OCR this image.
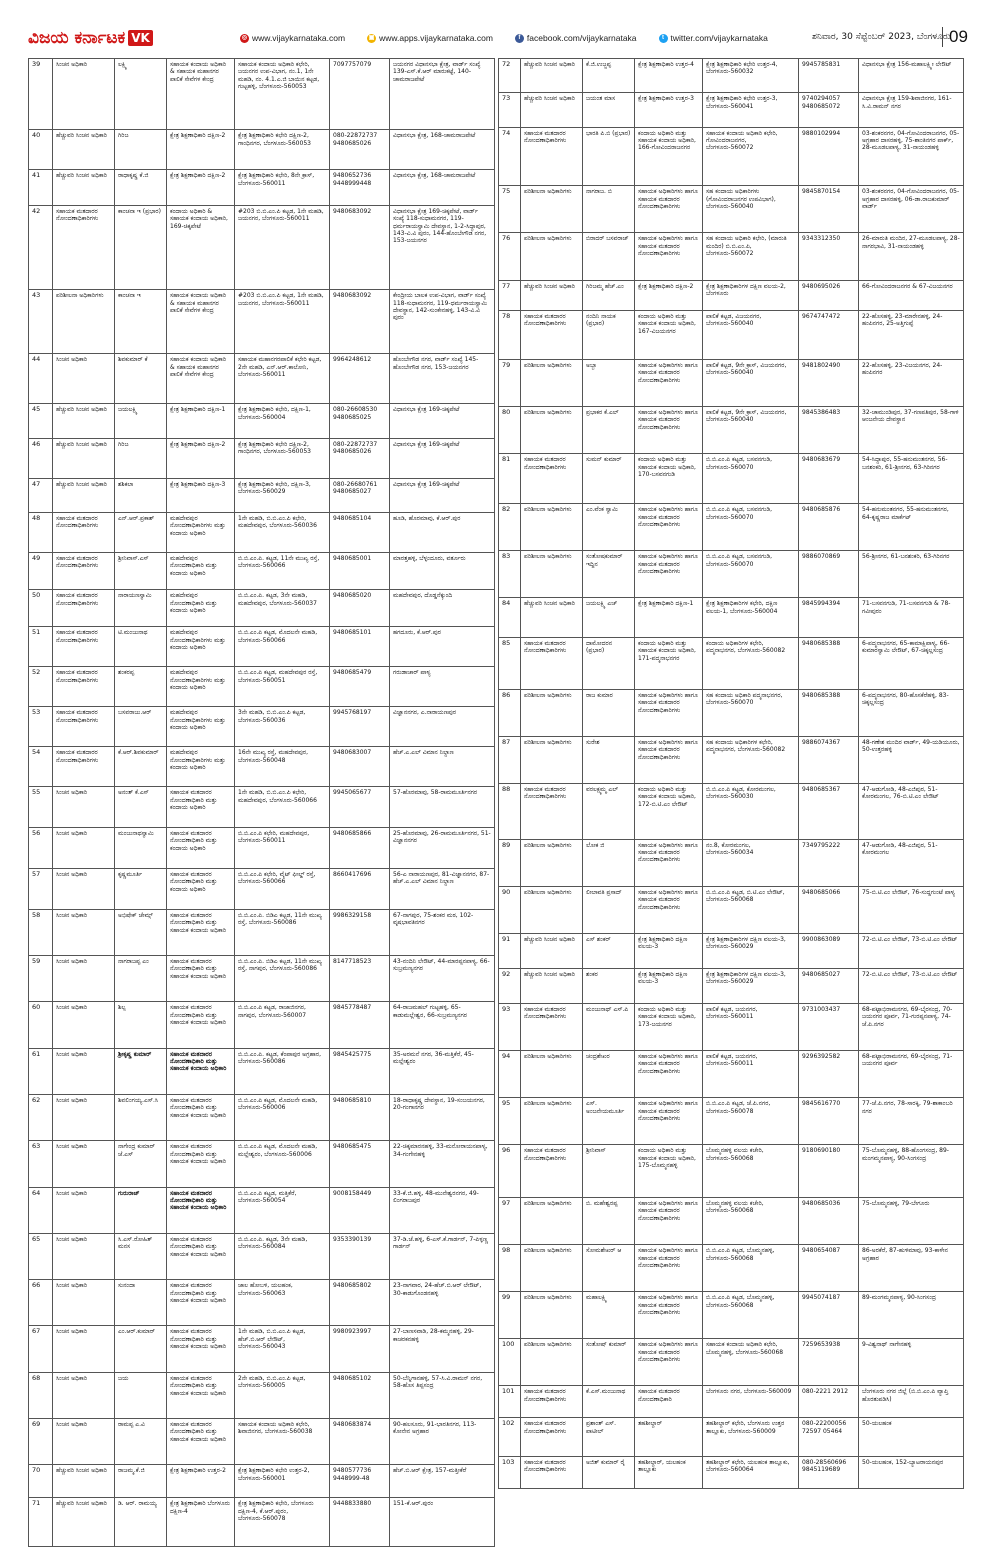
ವಿಜಯ ಕರ್ನಾಟಕ VK	◎ www.vijaykarnataka.com	▣ www.apps.vijaykarnataka.com	f facebook.com/vijaykarnataka	t twitter.com/vijaykarnataka	ಶನಿವಾರ, 30 ಸೆಪ್ಟೆಂಬರ್ 2023, ಬೆಂಗಳೂರು
09
39	ಸಿಂಚನ ಅಧಿಕಾರಿ	ಲಕ್ಷ್ಮಿ	ಸಹಾಯಕ ಕಂದಾಯ ಅಧಿಕಾರಿ & ಸಹಾಯಕ ಮಹಾನಗರ ಪಾಲಿಕೆ ಸೇವೆಗಳ ಕೇಂದ್ರ	ಸಹಾಯಕ ಕಂದಾಯ ಅಧಿಕಾರಿ ಕಛೇರಿ, ಜಯನಗರ ಉಪ-ವಿಭಾಗ, ನಂ.1, 1ನೇ ಮಹಡಿ, ನಂ. 4.1.ಎ.ಜಿ ಬಾಯಿನ ಕಟ್ಟಡ, ಗುಟ್ಟಹಳ್ಳಿ, ಬೆಂಗಳೂರು-560053	7097757079	ಜಯನಗರ ವಿಧಾನಸಭಾ ಕ್ಷೇತ್ರ, ವಾರ್ಡ್ ಸಂಖ್ಯೆ 139-ಎಸ್.ಕೆ.ಆರ್ ಮಾರುಕಟ್ಟೆ, 140-ಚಾಮರಾಜಪೇಟೆ
40	ಹೆಚ್ಚುವರಿ ಸಿಂಚನ ಅಧಿಕಾರಿ	ಗಿರಿಜ	ಕ್ಷೇತ್ರ ಶಿಕ್ಷಣಾಧಿಕಾರಿ ದಕ್ಷಿಣ-2	ಕ್ಷೇತ್ರ ಶಿಕ್ಷಣಾಧಿಕಾರಿ ಕಛೇರಿ ದಕ್ಷಿಣ-2, ಗಾಂಧಿನಗರ, ಬೆಂಗಳೂರು-560053	080-22872737 9480685026	ವಿಧಾನಸಭಾ ಕ್ಷೇತ್ರ, 168-ಚಾಮರಾಜಪೇಟೆ
41	ಹೆಚ್ಚುವರಿ ಸಿಂಚನ ಅಧಿಕಾರಿ	ರಾಧಾಕೃಷ್ಣ ಕೆ.ಜಿ	ಕ್ಷೇತ್ರ ಶಿಕ್ಷಣಾಧಿಕಾರಿ ದಕ್ಷಿಣ-2	ಕ್ಷೇತ್ರ ಶಿಕ್ಷಣಾಧಿಕಾರಿ ಕಛೇರಿ, 8ನೇ ಕ್ರಾಸ್, ಬೆಂಗಳೂರು-560011	9480652736 9448999448	ವಿಧಾನಸಭಾ ಕ್ಷೇತ್ರ, 168-ಚಾಮರಾಜಪೇಟೆ
42	ಸಹಾಯಕ ಮತದಾರರ ನೋಂದಣಾಧಿಕಾರಿಗಳು	ಕಾಂಚನಾ ಇ (ಪ್ರಭಾರ)	ಕಂದಾಯ ಅಧಿಕಾರಿ & ಸಹಾಯಕ ಕಂದಾಯ ಅಧಿಕಾರಿ, 169-ಚಿಕ್ಕಪೇಟೆ	#203 ಬಿ.ಬಿ.ಎಂ.ಪಿ ಕಟ್ಟಡ, 1ನೇ ಮಹಡಿ, ಜಯನಗರ, ಬೆಂಗಳೂರು-560011	9480683092	ವಿಧಾನಸಭಾ ಕ್ಷೇತ್ರ 169-ಚಿಕ್ಕಪೇಟೆ, ವಾರ್ಡ್ ಸಂಖ್ಯೆ 118-ಸುಧಾಮನಗರ, 119-ಧರ್ಮರಾಯಸ್ವಾಮಿ ದೇವಸ್ಥಾನ, 1-2-ಸಿದ್ದಾಪುರ, 143-ವಿ.ವಿ ಪುರಂ, 144-ಹೊಂಬೇಗೌಡ ನಗರ, 153-ಜಯನಗರ
43	ಪರಿಶೀಲನಾ ಅಧಿಕಾರಿಗಳು	ಕಾಂಚನಾ ಇ	ಸಹಾಯಕ ಕಂದಾಯ ಅಧಿಕಾರಿ & ಸಹಾಯಕ ಮಹಾನಗರ ಪಾಲಿಕೆ ಸೇವೆಗಳ ಕೇಂದ್ರ	#203 ಬಿ.ಬಿ.ಎಂ.ಪಿ ಕಟ್ಟಡ, 1ನೇ ಮಹಡಿ, ಜಯನಗರ, ಬೆಂಗಳೂರು-560011	9480683092	ಕೇಂದ್ರೀಯ ಬಾಲಕ ಉಪ-ವಿಭಾಗ, ವಾರ್ಡ್ ಸಂಖ್ಯೆ 118-ಸುಧಾಮನಗರ, 119-ಧರ್ಮರಾಯಸ್ವಾಮಿ ದೇವಸ್ಥಾನ, 142-ಸುಂಕೇನಹಳ್ಳಿ, 143-ವಿ.ವಿ ಪುರಂ
44	ಸಿಂಚನ ಅಧಿಕಾರಿ	ಶಿವಕುಮಾರ್ ಕೆ	ಸಹಾಯಕ ಕಂದಾಯ ಅಧಿಕಾರಿ & ಸಹಾಯಕ ಮಹಾನಗರ ಪಾಲಿಕೆ ಸೇವೆಗಳ ಕೇಂದ್ರ	ಸಹಾಯಕ ಮಹಾನಗರಪಾಲಿಕೆ ಕಛೇರಿ ಕಟ್ಟಡ, 2ನೇ ಮಹಡಿ, ಎನ್.ಆರ್.ಕಾಲೋನಿ, ಬೆಂಗಳೂರು-560011	9964248612	ಹೊಂಬೇಗೌಡ ನಗರ, ವಾರ್ಡ್ ಸಂಖ್ಯೆ 145-ಹೊಂಬೇಗೌಡ ನಗರ, 153-ಜಯನಗರ
45	ಹೆಚ್ಚುವರಿ ಸಿಂಚನ ಅಧಿಕಾರಿ	ಜಯಲಕ್ಷ್ಮಿ	ಕ್ಷೇತ್ರ ಶಿಕ್ಷಣಾಧಿಕಾರಿ ದಕ್ಷಿಣ-1	ಕ್ಷೇತ್ರ ಶಿಕ್ಷಣಾಧಿಕಾರಿ ಕಛೇರಿ, ದಕ್ಷಿಣ-1, ಬೆಂಗಳೂರು-560004	080-26608530 9480685025	ವಿಧಾನಸಭಾ ಕ್ಷೇತ್ರ 169-ಚಿಕ್ಕಪೇಟೆ
46	ಹೆಚ್ಚುವರಿ ಸಿಂಚನ ಅಧಿಕಾರಿ	ಗಿರಿಜ	ಕ್ಷೇತ್ರ ಶಿಕ್ಷಣಾಧಿಕಾರಿ ದಕ್ಷಿಣ-2	ಕ್ಷೇತ್ರ ಶಿಕ್ಷಣಾಧಿಕಾರಿ ಕಛೇರಿ ದಕ್ಷಿಣ-2, ಗಾಂಧಿನಗರ, ಬೆಂಗಳೂರು-560053	080-22872737 9480685026	ವಿಧಾನಸಭಾ ಕ್ಷೇತ್ರ 169-ಚಿಕ್ಕಪೇಟೆ
47	ಹೆಚ್ಚುವರಿ ಸಿಂಚನ ಅಧಿಕಾರಿ	ಶಶಿಕಲಾ	ಕ್ಷೇತ್ರ ಶಿಕ್ಷಣಾಧಿಕಾರಿ ದಕ್ಷಿಣ-3	ಕ್ಷೇತ್ರ ಶಿಕ್ಷಣಾಧಿಕಾರಿ ಕಛೇರಿ, ದಕ್ಷಿಣ-3, ಬೆಂಗಳೂರು-560029	080-26680761 9480685027	ವಿಧಾನಸಭಾ ಕ್ಷೇತ್ರ 169-ಚಿಕ್ಕಪೇಟೆ
48	ಸಹಾಯಕ ಮತದಾರರ ನೋಂದಣಾಧಿಕಾರಿಗಳು	ಎನ್.ಆರ್.ಪ್ರಕಾಶ್	ಮಹದೇವಪುರ ನೋಂದಣಾಧಿಕಾರಿಗಳು ಮತ್ತು ಕಂದಾಯ ಅಧಿಕಾರಿ	1ನೇ ಮಹಡಿ, ಬಿ.ಬಿ.ಎಂ.ಪಿ ಕಛೇರಿ, ಮಹದೇವಪುರ, ಬೆಂಗಳೂರು-560036	9480685104	ಹೂಡಿ, ಹೊರಮಾವು, ಕೆ.ಆರ್.ಪುರ
49	ಸಹಾಯಕ ಮತದಾರರ ನೋಂದಣಾಧಿಕಾರಿಗಳು	ಶ್ರೀನಿವಾಸ್.ಎಸ್	ಮಹದೇವಪುರ ನೋಂದಣಾಧಿಕಾರಿ ಮತ್ತು ಕಂದಾಯ ಅಧಿಕಾರಿ	ಬಿ.ಬಿ.ಎಂ.ಪಿ. ಕಟ್ಟಡ, 11ನೇ ಮುಖ್ಯ ರಸ್ತೆ, ಬೆಂಗಳೂರು-560066	9480685001	ಮಾರತ್ತಹಳ್ಳಿ, ಬೆಳ್ಳಂದೂರು, ವರ್ತೂರು
50	ಸಹಾಯಕ ಮತದಾರರ ನೋಂದಣಾಧಿಕಾರಿಗಳು	ನಾರಾಯಣಸ್ವಾಮಿ	ಮಹದೇವಪುರ ನೋಂದಣಾಧಿಕಾರಿ ಮತ್ತು ಕಂದಾಯ ಅಧಿಕಾರಿ	ಬಿ.ಬಿ.ಎಂ.ಪಿ. ಕಟ್ಟಡ, 3ನೇ ಮಹಡಿ, ಮಹದೇವಪುರ, ಬೆಂಗಳೂರು-560037	9480685020	ಮಹದೇವಪುರ, ದೊಡ್ಡನೆಕ್ಕುಂದಿ
51	ಸಹಾಯಕ ಮತದಾರರ ನೋಂದಣಾಧಿಕಾರಿಗಳು	ಟಿ.ಮಂಜುನಾಥ	ಮಹದೇವಪುರ ನೋಂದಣಾಧಿಕಾರಿಗಳು ಮತ್ತು ಕಂದಾಯ ಅಧಿಕಾರಿ	ಬಿ.ಬಿ.ಎಂ.ಪಿ ಕಟ್ಟಡ, ಮೊದಲನೇ ಮಹಡಿ, ಬೆಂಗಳೂರು-560066	9480685101	ಹಗದೂರು, ಕೆ.ಆರ್.ಪುರ
52	ಸಹಾಯಕ ಮತದಾರರ ನೋಂದಣಾಧಿಕಾರಿಗಳು	ಶಂಕರಪ್ಪ	ಮಹದೇವಪುರ ನೋಂದಣಾಧಿಕಾರಿಗಳು ಮತ್ತು ಕಂದಾಯ ಅಧಿಕಾರಿ	ಬಿ.ಬಿ.ಎಂ.ಪಿ ಕಟ್ಟಡ, ಮಹದೇವಪುರ ರಸ್ತೆ, ಬೆಂಗಳೂರು-560051	9480685479	ಗರುಡಾಚಾರ್ ಪಾಳ್ಯ
53	ಸಹಾಯಕ ಮತದಾರರ ನೋಂದಣಾಧಿಕಾರಿಗಳು	ಬಸವರಾಜು.ಆರ್	ಮಹದೇವಪುರ ನೋಂದಣಾಧಿಕಾರಿಗಳು ಮತ್ತು ಕಂದಾಯ ಅಧಿಕಾರಿ	3ನೇ ಮಹಡಿ, ಬಿ.ಬಿ.ಎಂ.ಪಿ ಕಟ್ಟಡ, ಬೆಂಗಳೂರು-560036	9945768197	ವಿಜ್ಞಾನನಗರ, ಎ.ನಾರಾಯಣಪುರ
54	ಸಹಾಯಕ ಮತದಾರರ ನೋಂದಣಾಧಿಕಾರಿಗಳು	ಕೆ.ಆರ್.ಶಿವಕುಮಾರ್	ಮಹದೇವಪುರ ನೋಂದಣಾಧಿಕಾರಿಗಳು ಮತ್ತು ಕಂದಾಯ ಅಧಿಕಾರಿ	16ನೇ ಮುಖ್ಯ ರಸ್ತೆ, ಮಹದೇವಪುರ, ಬೆಂಗಳೂರು-560048	9480683007	ಹೆಚ್.ಎ.ಎಲ್ ವಿಮಾನ ನಿಲ್ದಾಣ
55	ಸಿಂಚನ ಅಧಿಕಾರಿ	ಅನಂತ್ ಕೆ.ಎಸ್	ಸಹಾಯಕ ಮತದಾರರ ನೋಂದಣಾಧಿಕಾರಿ ಮತ್ತು ಕಂದಾಯ ಅಧಿಕಾರಿ	1ನೇ ಮಹಡಿ, ಬಿ.ಬಿ.ಎಂ.ಪಿ ಕಛೇರಿ, ಮಹದೇವಪುರ, ಬೆಂಗಳೂರು-560066	9945065677	57-ಹೊರಮಾವು, 58-ರಾಮಮೂರ್ತಿನಗರ
56	ಸಿಂಚನ ಅಧಿಕಾರಿ	ಮಂಜುನಾಥಸ್ವಾಮಿ	ಸಹಾಯಕ ಮತದಾರರ ನೋಂದಣಾಧಿಕಾರಿ ಮತ್ತು ಕಂದಾಯ ಅಧಿಕಾರಿ	ಬಿ.ಬಿ.ಎಂ.ಪಿ ಕಛೇರಿ, ಮಹದೇವಪುರ, ಬೆಂಗಳೂರು-560011	9480685866	25-ಹೊರಮಾವು, 26-ರಾಮಮೂರ್ತಿನಗರ, 51-ವಿಜ್ಞಾನನಗರ
57	ಸಿಂಚನ ಅಧಿಕಾರಿ	ಕೃಷ್ಣಮೂರ್ತಿ	ಸಹಾಯಕ ಮತದಾರರ ನೋಂದಣಾಧಿಕಾರಿ ಮತ್ತು ಕಂದಾಯ ಅಧಿಕಾರಿ	ಬಿ.ಬಿ.ಎಂ.ಪಿ ಕಛೇರಿ, ವೈಟ್ ಫೀಲ್ಡ್ ರಸ್ತೆ, ಬೆಂಗಳೂರು-560066	8660417696	56-ಎ ನಾರಾಯಣಪುರ, 81-ವಿಜ್ಞಾನನಗರ, 87-ಹೆಚ್.ಎ.ಎಲ್ ವಿಮಾನ ನಿಲ್ದಾಣ
58	ಸಿಂಚನ ಅಧಿಕಾರಿ	ಅಭಿಷೇಕ್ ಜೇಮ್ಸ್	ಸಹಾಯಕ ಮತದಾರರ ನೋಂದಣಾಧಿಕಾರಿ ಮತ್ತು ಸಹಾಯಕ ಕಂದಾಯ ಅಧಿಕಾರಿ	ಬಿ.ಬಿ.ಎಂ.ಪಿ. ಬಿಡಿಎ ಕಟ್ಟಡ, 11ನೇ ಮುಖ್ಯ ರಸ್ತೆ, ಬೆಂಗಳೂರು-560086	9986329158	67-ನಾಗಪುರ, 75-ಶಂಕರ ಮಠ, 102-ವೃಷಭಾವತಿನಗರ
59	ಸಿಂಚನ ಅಧಿಕಾರಿ	ನಾಗರಾಜಪ್ಪ ಎಂ	ಸಹಾಯಕ ಮತದಾರರ ನೋಂದಣಾಧಿಕಾರಿ ಮತ್ತು ಸಹಾಯಕ ಕಂದಾಯ ಅಧಿಕಾರಿ	ಬಿ.ಬಿ.ಎಂ.ಪಿ. ಬಿಡಿಎ ಕಟ್ಟಡ, 11ನೇ ಮುಖ್ಯ ರಸ್ತೆ, ನಾಗಪುರ, ಬೆಂಗಳೂರು-560086	8147718523	43-ನಂದಿನಿ ಲೇಔಟ್, 44-ಮಾರಪ್ಪನಪಾಳ್ಯ, 66-ಸುಬ್ರಮಣ್ಯನಗರ
60	ಸಿಂಚನ ಅಧಿಕಾರಿ	ಶಿಲ್ಪ	ಸಹಾಯಕ ಮತದಾರರ ನೋಂದಣಾಧಿಕಾರಿ ಮತ್ತು ಸಹಾಯಕ ಕಂದಾಯ ಅಧಿಕಾರಿ	ಬಿ.ಬಿ.ಎಂ.ಪಿ ಕಟ್ಟಡ, ರಾಜಾಜಿನಗರ, ನಾಗಪುರ, ಬೆಂಗಳೂರು-560007	9845778487	64-ರಾಜಮಹಲ್ ಗುಟ್ಟಹಳ್ಳಿ, 65-ಕಾಡುಮಲ್ಲೇಶ್ವರ, 66-ಸುಬ್ರಮಣ್ಯನಗರ
61	ಸಿಂಚನ ಅಧಿಕಾರಿ	ಶ್ರೀಕೃಷ್ಣ ಕುಮಾರ್	ಸಹಾಯಕ ಮತದಾರರ ನೋಂದಣಾಧಿಕಾರಿ ಮತ್ತು ಸಹಾಯಕ ಕಂದಾಯ ಅಧಿಕಾರಿ	ಬಿ.ಬಿ.ಎಂ.ಪಿ. ಕಟ್ಟಡ, ಕೆಂಪಾಪುರ ಅಗ್ರಹಾರ, ಬೆಂಗಳೂರು-560086	9845425775	35-ಅರಮನೆ ನಗರ, 36-ಮತ್ತಿಕೆರೆ, 45-ಮಲ್ಲೇಶ್ವರಂ
62	ಸಿಂಚನ ಅಧಿಕಾರಿ	ಶಿವಲಿಂಗಯ್ಯ.ಎಸ್.ಸಿ	ಸಹಾಯಕ ಮತದಾರರ ನೋಂದಣಾಧಿಕಾರಿ ಮತ್ತು ಸಹಾಯಕ ಕಂದಾಯ ಅಧಿಕಾರಿ	ಬಿ.ಬಿ.ಎಂ.ಪಿ ಕಟ್ಟಡ, ಮೊದಲನೇ ಮಹಡಿ, ಬೆಂಗಳೂರು-560006	9480685810	18-ರಾಧಾಕೃಷ್ಣ ದೇವಸ್ಥಾನ, 19-ಸಂಜಯನಗರ, 20-ಗಂಗಾನಗರ
63	ಸಿಂಚನ ಅಧಿಕಾರಿ	ನಾಗೇಂದ್ರ ಕುಮಾರ್ ಜೆ.ಎಸ್	ಸಹಾಯಕ ಮತದಾರರ ನೋಂದಣಾಧಿಕಾರಿ ಮತ್ತು ಸಹಾಯಕ ಕಂದಾಯ ಅಧಿಕಾರಿ	ಬಿ.ಬಿ.ಎಂ.ಪಿ ಕಟ್ಟಡ, ಮೊದಲನೇ ಮಹಡಿ, ಮಲ್ಲೇಶ್ವರಂ, ಬೆಂಗಳೂರು-560006	9480685475	22-ಚಿಕ್ಕಮಾರನಹಳ್ಳಿ, 33-ಮನೋರಾಯನಪಾಳ್ಯ, 34-ಗಂಗೇನಹಳ್ಳಿ
64	ಸಿಂಚನ ಅಧಿಕಾರಿ	ಗುರುರಾಜ್	ಸಹಾಯಕ ಮತದಾರರ ನೋಂದಣಾಧಿಕಾರಿ ಮತ್ತು ಸಹಾಯಕ ಕಂದಾಯ ಅಧಿಕಾರಿ	ಬಿ.ಬಿ.ಎಂ.ಪಿ ಕಟ್ಟಡ, ಮತ್ತಿಕೆರೆ, ಬೆಂಗಳೂರು-560054	9008158449	33-ಕೆ.ಜಿ.ಹಳ್ಳಿ, 48-ಮುನೇಶ್ವರನಗರ, 49-ಲಿಂಗರಾಜಪುರ
65	ಸಿಂಚನ ಅಧಿಕಾರಿ	ಸಿ.ಎಸ್.ರೋಹಿತ್ ಮನಸ	ಸಹಾಯಕ ಮತದಾರರ ನೋಂದಣಾಧಿಕಾರಿ ಮತ್ತು ಸಹಾಯಕ ಕಂದಾಯ ಅಧಿಕಾರಿ	ಬಿ.ಬಿ.ಎಂ.ಪಿ. ಕಟ್ಟಡ, 3ನೇ ಮಹಡಿ, ಬೆಂಗಳೂರು-560084	9353390139	37-ಡಿ.ಜೆ.ಹಳ್ಳಿ, 6-ಎಸ್.ಕೆ.ಗಾರ್ಡನ್, 7-ಪಿಳ್ಳಣ್ಣ ಗಾರ್ಡನ್
66	ಸಿಂಚನ ಅಧಿಕಾರಿ	ಸುನಂದಾ	ಸಹಾಯಕ ಮತದಾರರ ನೋಂದಣಾಧಿಕಾರಿ ಮತ್ತು ಸಹಾಯಕ ಕಂದಾಯ ಅಧಿಕಾರಿ	ಜಾಲ ಹೋಬಳಿ, ಯಲಹಂಕ, ಬೆಂಗಳೂರು-560063	9480685802	23-ನಾಗವಾರ, 24-ಹೆಚ್.ಬಿ.ಆರ್ ಲೇಔಟ್, 30-ಕಾಡುಗೊಂಡನಹಳ್ಳಿ
67	ಸಿಂಚನ ಅಧಿಕಾರಿ	ಎಂ.ಆರ್.ಕುಮಾರ್	ಸಹಾಯಕ ಮತದಾರರ ನೋಂದಣಾಧಿಕಾರಿ ಮತ್ತು ಸಹಾಯಕ ಕಂದಾಯ ಅಧಿಕಾರಿ	1ನೇ ಮಹಡಿ, ಬಿ.ಬಿ.ಎಂ.ಪಿ ಕಟ್ಟಡ, ಹೆಚ್.ಬಿ.ಆರ್ ಲೇಔಟ್, ಬೆಂಗಳೂರು-560043	9980923997	27-ಬಾಣಸವಾಡಿ, 28-ಕಮ್ಮನಹಳ್ಳಿ, 29-ಕಾಚರಕನಹಳ್ಳಿ
68	ಸಿಂಚನ ಅಧಿಕಾರಿ	ಜಯ	ಸಹಾಯಕ ಮತದಾರರ ನೋಂದಣಾಧಿಕಾರಿ ಮತ್ತು ಸಹಾಯಕ ಕಂದಾಯ ಅಧಿಕಾರಿ	2ನೇ ಮಹಡಿ, ಬಿ.ಬಿ.ಎಂ.ಪಿ ಕಟ್ಟಡ, ಬೆಂಗಳೂರು-560005	9480685102	50-ಬೆನ್ನಿಗಾನಹಳ್ಳಿ, 57-ಸಿ.ವಿ.ರಾಮನ್ ನಗರ, 58-ಹೊಸ ತಿಪ್ಪಸಂದ್ರ
69	ಸಿಂಚನ ಅಧಿಕಾರಿ	ರಾಮಪ್ಪ ಎ.ವಿ	ಸಹಾಯಕ ಮತದಾರರ ನೋಂದಣಾಧಿಕಾರಿ ಮತ್ತು ಸಹಾಯಕ ಕಂದಾಯ ಅಧಿಕಾರಿ	ಸಹಾಯಕ ಕಂದಾಯ ಅಧಿಕಾರಿ ಕಛೇರಿ, ಶಿವಾಜಿನಗರ, ಬೆಂಗಳೂರು-560038	9480683874	90-ಹಲಸೂರು, 91-ಭಾರತಿನಗರ, 113-ಕೋನೇನ ಅಗ್ರಹಾರ
70	ಹೆಚ್ಚುವರಿ ಸಿಂಚನ ಅಧಿಕಾರಿ	ರಾಜಮ್ಮ.ಕೆ.ಜಿ	ಕ್ಷೇತ್ರ ಶಿಕ್ಷಣಾಧಿಕಾರಿ ಉತ್ತರ-2	ಕ್ಷೇತ್ರ ಶಿಕ್ಷಣಾಧಿಕಾರಿ ಕಛೇರಿ ಉತ್ತರ-2, ಬೆಂಗಳೂರು-560001	9480577736 9448999-48	ಹೆಚ್.ಬಿ.ಆರ್ ಕ್ಷೇತ್ರ, 157-ಮತ್ತೀಕೆರೆ
71	ಹೆಚ್ಚುವರಿ ಸಿಂಚನ ಅಧಿಕಾರಿ	ಡಿ. ಆರ್. ರಾಮಯ್ಯ	ಕ್ಷೇತ್ರ ಶಿಕ್ಷಣಾಧಿಕಾರಿ ಬೆಂಗಳೂರು ದಕ್ಷಿಣ-4	ಕ್ಷೇತ್ರ ಶಿಕ್ಷಣಾಧಿಕಾರಿ ಕಛೇರಿ, ಬೆಂಗಳೂರು ದಕ್ಷಿಣ-4, ಕೆ.ಆರ್.ಪುರಂ, ಬೆಂಗಳೂರು-560078	9448833880	151-ಕೆ.ಆರ್.ಪುರಂ
72	ಹೆಚ್ಚುವರಿ ಸಿಂಚನ ಅಧಿಕಾರಿ	ಕೆ.ಜಿ.ಉಜ್ಜಪ್ಪ	ಕ್ಷೇತ್ರ ಶಿಕ್ಷಣಾಧಿಕಾರಿ ಉತ್ತರ-4	ಕ್ಷೇತ್ರ ಶಿಕ್ಷಣಾಧಿಕಾರಿ ಕಛೇರಿ ಉತ್ತರ-4, ಬೆಂಗಳೂರು-560032	9945785831	ವಿಧಾನಸಭಾ ಕ್ಷೇತ್ರ 156-ಮಹಾಲಕ್ಷ್ಮೀ ಲೇಔಟ್
73	ಹೆಚ್ಚುವರಿ ಸಿಂಚನ ಅಧಿಕಾರಿ	ಜಯಂತ ಮಾಸ	ಕ್ಷೇತ್ರ ಶಿಕ್ಷಣಾಧಿಕಾರಿ ಉತ್ತರ-3	ಕ್ಷೇತ್ರ ಶಿಕ್ಷಣಾಧಿಕಾರಿ ಕಛೇರಿ ಉತ್ತರ-3, ಬೆಂಗಳೂರು-560041	9740294057 9480685072	ವಿಧಾನಸಭಾ ಕ್ಷೇತ್ರ 159-ಶಿವಾಜಿನಗರ, 161-ಸಿ.ವಿ.ರಾಮನ್ ನಗರ
74	ಸಹಾಯಕ ಮತದಾರರ ನೋಂದಣಾಧಿಕಾರಿಗಳು	ಭಾರತಿ ಪಿ.ಬಿ (ಪ್ರಭಾರ)	ಕಂದಾಯ ಅಧಿಕಾರಿ ಮತ್ತು ಸಹಾಯಕ ಕಂದಾಯ ಅಧಿಕಾರಿ, 166-ಗೋವಿಂದರಾಜನಗರ	ಸಹಾಯಕ ಕಂದಾಯ ಅಧಿಕಾರಿ ಕಛೇರಿ, ಗೋವಿಂದರಾಜನಗರ, ಬೆಂಗಳೂರು-560072	9880102994	03-ಶಂಕರನಗರ, 04-ಗೋವಿಂದರಾಜನಗರ, 05-ಅಗ್ರಹಾರ ದಾಸರಹಳ್ಳಿ, 75-ಶಾಂತಿನಗರ ಪಾರ್ಕ್, 28-ಮೂಡಲಪಾಳ್ಯ, 31-ನಾಯಂಡಹಳ್ಳಿ
75	ಪರಿಶೀಲನಾ ಅಧಿಕಾರಿಗಳು	ನಾಗರಾಜ. ಬಿ	ಸಹಾಯಕ ಅಧಿಕಾರಿಗಳು ಹಾಗೂ ಸಹಾಯಕ ಮತದಾರರ ನೋಂದಣಾಧಿಕಾರಿಗಳು	ಸಹ ಕಂದಾಯ ಅಧಿಕಾರಿಗಳು (ಗೋವಿಂದರಾಜನಗರ ಉಪವಿಭಾಗ), ಬೆಂಗಳೂರು-560040	9845870154	03-ಶಂಕರನಗರ, 04-ಗೋವಿಂದರಾಜನಗರ, 05-ಅಗ್ರಹಾರ ದಾಸರಹಳ್ಳಿ, 06-ಡಾ.ರಾಜಕುಮಾರ್ ವಾರ್ಡ್
76	ಪರಿಶೀಲನಾ ಅಧಿಕಾರಿಗಳು	ಬಿರಾದರ್ ಬಸವರಾಜ್	ಸಹಾಯಕ ಅಧಿಕಾರಿಗಳು ಹಾಗೂ ಸಹಾಯಕ ಮತದಾರರ ನೋಂದಣಾಧಿಕಾರಿಗಳು	ಸಹ ಕಂದಾಯ ಅಧಿಕಾರಿ ಕಛೇರಿ, (ಮಾರುತಿ ಮಂದಿರ) ಬಿ.ಬಿ.ಎಂ.ಪಿ, ಬೆಂಗಳೂರು-560072	9343312350	26-ಮಾರುತಿ ಮಂದಿರ, 27-ಮೂಡಲಪಾಳ್ಯ, 28-ನಾಗರಭಾವಿ, 31-ನಾಯಂಡಹಳ್ಳಿ
77	ಹೆಚ್ಚುವರಿ ಸಿಂಚನ ಅಧಿಕಾರಿ	ಗಿರಿಜಮ್ಮ ಹೆಚ್.ಎಂ	ಕ್ಷೇತ್ರ ಶಿಕ್ಷಣಾಧಿಕಾರಿ ದಕ್ಷಿಣ-2	ಕ್ಷೇತ್ರ ಶಿಕ್ಷಣಾಧಿಕಾರಿಗಳ ದಕ್ಷಿಣ ವಲಯ-2, ಬೆಂಗಳೂರು	9480695026	66-ಗೋವಿಂದರಾಜನಗರ & 67-ವಿಜಯನಗರ
78	ಸಹಾಯಕ ಮತದಾರರ ನೋಂದಣಾಧಿಕಾರಿಗಳು	ನಂದಿನಿ ನಾಯಕ (ಪ್ರಭಾರ)	ಕಂದಾಯ ಅಧಿಕಾರಿ ಮತ್ತು ಸಹಾಯಕ ಕಂದಾಯ ಅಧಿಕಾರಿ, 167-ವಿಜಯನಗರ	ಪಾಲಿಕೆ ಕಟ್ಟಡ, ವಿಜಯನಗರ, ಬೆಂಗಳೂರು-560040	9674747472	22-ಹೊಸಹಳ್ಳಿ, 23-ಮಾರೇನಹಳ್ಳಿ, 24-ಹಂಪಿನಗರ, 25-ಅತ್ತಿಗುಪ್ಪೆ
79	ಪರಿಶೀಲನಾ ಅಧಿಕಾರಿಗಳು	ಅಬ್ಬಾ	ಸಹಾಯಕ ಅಧಿಕಾರಿಗಳು ಹಾಗೂ ಸಹಾಯಕ ಮತದಾರರ ನೋಂದಣಾಧಿಕಾರಿಗಳು	ಪಾಲಿಕೆ ಕಟ್ಟಡ, 9ನೇ ಕ್ರಾಸ್, ವಿಜಯನಗರ, ಬೆಂಗಳೂರು-560040	9481802490	22-ಹೊಸಹಳ್ಳಿ, 23-ವಿಜಯನಗರ, 24-ಹಂಪಿನಗರ
80	ಪರಿಶೀಲನಾ ಅಧಿಕಾರಿಗಳು	ಪ್ರಭಾಕರ ಕೆ.ಎಲ್	ಸಹಾಯಕ ಅಧಿಕಾರಿಗಳು ಹಾಗೂ ಸಹಾಯಕ ಮತದಾರರ ನೋಂದಣಾಧಿಕಾರಿಗಳು	ಪಾಲಿಕೆ ಕಟ್ಟಡ, 9ನೇ ಕ್ರಾಸ್, ವಿಜಯನಗರ, ಬೆಂಗಳೂರು-560040	9845386483	32-ಚಾಮುಂಡಿಪುರ, 37-ಗಣಪತಿಪುರ, 58-ಗಾಳಿ ಆಂಜನೇಯ ದೇವಸ್ಥಾನ
81	ಸಹಾಯಕ ಮತದಾರರ ನೋಂದಣಾಧಿಕಾರಿಗಳು	ಸುಮನ್ ಕುಮಾರ್	ಕಂದಾಯ ಅಧಿಕಾರಿ ಮತ್ತು ಸಹಾಯಕ ಕಂದಾಯ ಅಧಿಕಾರಿ, 170-ಬಸವನಗುಡಿ	ಬಿ.ಬಿ.ಎಂ.ಪಿ ಕಟ್ಟಡ, ಬಸವನಗುಡಿ, ಬೆಂಗಳೂರು-560070	9480683679	54-ಸಿದ್ದಾಪುರ, 55-ಹನುಮಂತನಗರ, 56-ಬನಶಂಕರಿ, 61-ಶ್ರೀನಗರ, 63-ಗಿರಿನಗರ
82	ಪರಿಶೀಲನಾ ಅಧಿಕಾರಿಗಳು	ಎಂ.ವೆಂಕ ಸ್ವಾಮಿ	ಸಹಾಯಕ ಅಧಿಕಾರಿಗಳು ಹಾಗೂ ಸಹಾಯಕ ಮತದಾರರ ನೋಂದಣಾಧಿಕಾರಿಗಳು	ಬಿ.ಬಿ.ಎಂ.ಪಿ ಕಟ್ಟಡ, ಬಸವನಗುಡಿ, ಬೆಂಗಳೂರು-560070	9480685876	54-ಹನುಮಂತನಗರ, 55-ಹನುಮಂತನಗರ, 64-ಕೃಷ್ಣರಾಜ ಮಾರ್ಕೆಟ್
83	ಪರಿಶೀಲನಾ ಅಧಿಕಾರಿಗಳು	ಸಂತೋಷಕುಮಾರ್ ಇದ್ದಿನ	ಸಹಾಯಕ ಅಧಿಕಾರಿಗಳು ಹಾಗೂ ಸಹಾಯಕ ಮತದಾರರ ನೋಂದಣಾಧಿಕಾರಿಗಳು	ಬಿ.ಬಿ.ಎಂ.ಪಿ ಕಟ್ಟಡ, ಬಸವನಗುಡಿ, ಬೆಂಗಳೂರು-560070	9886070869	56-ಶ್ರೀನಗರ, 61-ಬನಶಂಕರಿ, 63-ಗಿರಿನಗರ
84	ಹೆಚ್ಚುವರಿ ಸಿಂಚನ ಅಧಿಕಾರಿ	ಜಯಲಕ್ಷ್ಮಿ ಎಚ್	ಕ್ಷೇತ್ರ ಶಿಕ್ಷಣಾಧಿಕಾರಿ ದಕ್ಷಿಣ-1	ಕ್ಷೇತ್ರ ಶಿಕ್ಷಣಾಧಿಕಾರಿಗಳ ಕಛೇರಿ, ದಕ್ಷಿಣ ವಲಯ-1, ಬೆಂಗಳೂರು-560004	9845994394	71-ಬಸವನಗುಡಿ, 71-ಬಸವನಗುಡಿ & 78-ಗವೀಪುರಂ
85	ಸಹಾಯಕ ಮತದಾರರ ನೋಂದಣಾಧಿಕಾರಿಗಳು	ದಾಮೋದರನ (ಪ್ರಭಾರ)	ಕಂದಾಯ ಅಧಿಕಾರಿ ಮತ್ತು ಸಹಾಯಕ ಕಂದಾಯ ಅಧಿಕಾರಿ, 171-ಪದ್ಮನಾಭನಗರ	ಕಂದಾಯ ಅಧಿಕಾರಿಗಳ ಕಛೇರಿ, ಪದ್ಮನಾಭನಗರ, ಬೆಂಗಳೂರು-560082	9480685388	6-ಪದ್ಮನಾಭನಗರ, 65-ಕಾಮಾಕ್ಷಿಪಾಳ್ಯ, 66-ಕುಮಾರಸ್ವಾಮಿ ಲೇಔಟ್, 67-ಚಿಕ್ಕಲ್ಲಸಂದ್ರ
86	ಪರಿಶೀಲನಾ ಅಧಿಕಾರಿಗಳು	ರಾಜ ಕುಮಾರ	ಸಹಾಯಕ ಅಧಿಕಾರಿಗಳು ಹಾಗೂ ಸಹಾಯಕ ಮತದಾರರ ನೋಂದಣಾಧಿಕಾರಿಗಳು	ಸಹ ಕಂದಾಯ ಅಧಿಕಾರಿ ಪದ್ಮನಾಭನಗರ, ಬೆಂಗಳೂರು-560070	9480685388	6-ಪದ್ಮನಾಭನಗರ, 80-ಹೊಸಕೆರೆಹಳ್ಳಿ, 83-ಚಿಕ್ಕಲ್ಲಸಂದ್ರ
87	ಪರಿಶೀಲನಾ ಅಧಿಕಾರಿಗಳು	ಸುರೇಶ	ಸಹಾಯಕ ಅಧಿಕಾರಿಗಳು ಹಾಗೂ ಸಹಾಯಕ ಮತದಾರರ ನೋಂದಣಾಧಿಕಾರಿಗಳು	ಸಹ ಕಂದಾಯ ಅಧಿಕಾರಿಗಳ ಕಛೇರಿ, ಪದ್ಮನಾಭನಗರ, ಬೆಂಗಳೂರು-560082	9886074367	48-ಗಣೇಶ ಮಂದಿರ ವಾರ್ಡ್, 49-ಯಡಿಯೂರು, 50-ಉತ್ತರಹಳ್ಳಿ
88	ಸಹಾಯಕ ಮತದಾರರ ನೋಂದಣಾಧಿಕಾರಿಗಳು	ವರಲಕ್ಷ್ಮಮ್ಮ ಎಲ್	ಕಂದಾಯ ಅಧಿಕಾರಿ ಮತ್ತು ಸಹಾಯಕ ಕಂದಾಯ ಅಧಿಕಾರಿ, 172-ಬಿ.ಟಿ.ಎಂ ಲೇಔಟ್	ಬಿ.ಬಿ.ಎಂ.ಪಿ ಕಟ್ಟಡ, ಕೋರಮಂಗಲ, ಬೆಂಗಳೂರು-560030	9480685367	47-ಆಡುಗೋಡಿ, 48-ಎಜಿಪುರ, 51-ಕೋರಮಂಗಲ, 76-ಬಿ.ಟಿ.ಎಂ ಲೇಔಟ್
89	ಪರಿಶೀಲನಾ ಅಧಿಕಾರಿಗಳು	ಲೋಕ ಜಿ	ಸಹಾಯಕ ಅಧಿಕಾರಿಗಳು ಹಾಗೂ ಸಹಾಯಕ ಮತದಾರರ ನೋಂದಣಾಧಿಕಾರಿಗಳು	ನಂ.8, ಕೋರಮಂಗಲ, ಬೆಂಗಳೂರು-560034	7349795222	47-ಆಡುಗೋಡಿ, 48-ಎಜಿಪುರ, 51-ಕೋರಮಂಗಲ
90	ಪರಿಶೀಲನಾ ಅಧಿಕಾರಿಗಳು	ಲೀಲಾವತಿ ಪ್ರಸಾದ್	ಸಹಾಯಕ ಅಧಿಕಾರಿಗಳು ಹಾಗೂ ಸಹಾಯಕ ಮತದಾರರ ನೋಂದಣಾಧಿಕಾರಿಗಳು	ಬಿ.ಬಿ.ಎಂ.ಪಿ ಕಟ್ಟಡ, ಬಿ.ಟಿ.ಎಂ ಲೇಔಟ್, ಬೆಂಗಳೂರು-560068	9480685066	75-ಬಿ.ಟಿ.ಎಂ ಲೇಔಟ್, 76-ಸುದ್ದಗುಂಟೆ ಪಾಳ್ಯ
91	ಹೆಚ್ಚುವರಿ ಸಿಂಚನ ಅಧಿಕಾರಿ	ಎಸ್ ಶಂಕರ್	ಕ್ಷೇತ್ರ ಶಿಕ್ಷಣಾಧಿಕಾರಿ ದಕ್ಷಿಣ ವಲಯ-3	ಕ್ಷೇತ್ರ ಶಿಕ್ಷಣಾಧಿಕಾರಿಗಳ ದಕ್ಷಿಣ ವಲಯ-3, ಬೆಂಗಳೂರು-560029	9900863089	72-ಬಿ.ಟಿ.ಎಂ ಲೇಔಟ್, 73-ಬಿ.ಟಿ.ಎಂ ಲೇಔಟ್
92	ಹೆಚ್ಚುವರಿ ಸಿಂಚನ ಅಧಿಕಾರಿ	ಶಂಕರ	ಕ್ಷೇತ್ರ ಶಿಕ್ಷಣಾಧಿಕಾರಿ ದಕ್ಷಿಣ ವಲಯ-3	ಕ್ಷೇತ್ರ ಶಿಕ್ಷಣಾಧಿಕಾರಿಗಳ ದಕ್ಷಿಣ ವಲಯ-3, ಬೆಂಗಳೂರು-560029	9480685027	72-ಬಿ.ಟಿ.ಎಂ ಲೇಔಟ್, 73-ಬಿ.ಟಿ.ಎಂ ಲೇಔಟ್
93	ಸಹಾಯಕ ಮತದಾರರ ನೋಂದಣಾಧಿಕಾರಿಗಳು	ಮಂಜುನಾಥ್ ಎಸ್.ಪಿ	ಕಂದಾಯ ಅಧಿಕಾರಿ ಮತ್ತು ಸಹಾಯಕ ಕಂದಾಯ ಅಧಿಕಾರಿ, 173-ಜಯನಗರ	ಪಾಲಿಕೆ ಕಟ್ಟಡ, ಜಯನಗರ, ಬೆಂಗಳೂರು-560011	9731003437	68-ಪಟ್ಟಾಭಿರಾಮನಗರ, 69-ಬೈರಸಂದ್ರ, 70-ಜಯನಗರ ಪೂರ್ವ, 71-ಗುರಪ್ಪನಪಾಳ್ಯ, 74-ಜೆ.ಪಿ.ನಗರ
94	ಪರಿಶೀಲನಾ ಅಧಿಕಾರಿಗಳು	ಚಂದ್ರಶೇಖರ	ಸಹಾಯಕ ಅಧಿಕಾರಿಗಳು ಹಾಗೂ ಸಹಾಯಕ ಮತದಾರರ ನೋಂದಣಾಧಿಕಾರಿಗಳು	ಪಾಲಿಕೆ ಕಟ್ಟಡ, ಜಯನಗರ, ಬೆಂಗಳೂರು-560011	9296392582	68-ಪಟ್ಟಾಭಿರಾಮನಗರ, 69-ಬೈರಸಂದ್ರ, 71-ಜಯನಗರ ಪೂರ್ವ
95	ಪರಿಶೀಲನಾ ಅಧಿಕಾರಿಗಳು	ಎಸ್. ಅಂಜನೇಯಮೂರ್ತಿ	ಸಹಾಯಕ ಅಧಿಕಾರಿಗಳು ಹಾಗೂ ಸಹಾಯಕ ಮತದಾರರ ನೋಂದಣಾಧಿಕಾರಿಗಳು	ಬಿ.ಬಿ.ಎಂ.ಪಿ ಕಟ್ಟಡ, ಜೆ.ಪಿ.ನಗರ, ಬೆಂಗಳೂರು-560078	9845616770	77-ಜೆ.ಪಿ.ನಗರ, 78-ಸಾರಕ್ಕಿ, 79-ಶಾಕಾಂಬರಿ ನಗರ
96	ಸಹಾಯಕ ಮತದಾರರ ನೋಂದಣಾಧಿಕಾರಿಗಳು	ಶ್ರೀನಿವಾಸ್	ಕಂದಾಯ ಅಧಿಕಾರಿ ಮತ್ತು ಸಹಾಯಕ ಕಂದಾಯ ಅಧಿಕಾರಿ, 175-ಬೊಮ್ಮನಹಳ್ಳಿ	ಬೊಮ್ಮನಹಳ್ಳಿ ವಲಯ ಕಚೇರಿ, ಬೆಂಗಳೂರು-560068	9180690180	75-ಬೊಮ್ಮನಹಳ್ಳಿ, 88-ಹೊಂಗಸಂದ್ರ, 89-ಮಂಗಮ್ಮನಪಾಳ್ಯ, 90-ಸಿಂಗಸಂದ್ರ
97	ಪರಿಶೀಲನಾ ಅಧಿಕಾರಿಗಳು	ಬಿ. ಮಹೇಶ್ವರಪ್ಪ	ಸಹಾಯಕ ಅಧಿಕಾರಿಗಳು ಹಾಗೂ ಸಹಾಯಕ ಮತದಾರರ ನೋಂದಣಾಧಿಕಾರಿಗಳು	ಬೊಮ್ಮನಹಳ್ಳಿ ವಲಯ ಕಚೇರಿ, ಬೆಂಗಳೂರು-560068	9480685036	75-ಬೊಮ್ಮನಹಳ್ಳಿ, 79-ಬೇಗೂರು
98	ಪರಿಶೀಲನಾ ಅಧಿಕಾರಿಗಳು	ಸೋಮಶೇಖರ್ ಆ	ಸಹಾಯಕ ಅಧಿಕಾರಿಗಳು ಹಾಗೂ ಸಹಾಯಕ ಮತದಾರರ ನೋಂದಣಾಧಿಕಾರಿಗಳು	ಬಿ.ಬಿ.ಎಂ.ಪಿ ಕಟ್ಟಡ, ಬೊಮ್ಮನಹಳ್ಳಿ, ಬೆಂಗಳೂರು-560068	9480654087	86-ಅರಕೆರೆ, 87-ಹುಳಿಮಾವು, 93-ಕಾಳೇನ ಅಗ್ರಹಾರ
99	ಪರಿಶೀಲನಾ ಅಧಿಕಾರಿಗಳು	ಮಹಾಲಕ್ಷ್ಮಿ	ಸಹಾಯಕ ಅಧಿಕಾರಿಗಳು ಹಾಗೂ ಸಹಾಯಕ ಮತದಾರರ ನೋಂದಣಾಧಿಕಾರಿಗಳು	ಬಿ.ಬಿ.ಎಂ.ಪಿ ಕಟ್ಟಡ, ಬೊಮ್ಮನಹಳ್ಳಿ, ಬೆಂಗಳೂರು-560068	9945074187	89-ಮಂಗಮ್ಮನಪಾಳ್ಯ, 90-ಸಿಂಗಸಂದ್ರ
100	ಪರಿಶೀಲನಾ ಅಧಿಕಾರಿಗಳು	ಸಂತೋಷ್ ಕುಮಾರ್	ಸಹಾಯಕ ಅಧಿಕಾರಿಗಳು ಹಾಗೂ ಸಹಾಯಕ ಮತದಾರರ ನೋಂದಣಾಧಿಕಾರಿಗಳು	ಸಹಾಯಕ ಕಂದಾಯ ಅಧಿಕಾರಿ ಕಛೇರಿ, ಬೊಮ್ಮನಹಳ್ಳಿ, ಬೆಂಗಳೂರು-560068	7259653938	9-ವಿಶ್ವನಾಥ್ ನಾಗೇನಹಳ್ಳಿ
101	ಸಹಾಯಕ ಮತದಾರರ ನೋಂದಣಾಧಿಕಾರಿಗಳು	ಕೆ.ಎಸ್.ಮಂಜುನಾಥ	ಸಹಾಯಕ ಮತದಾರರ ನೋಂದಣಾಧಿಕಾರಿ	ಬೆಂಗಳೂರು ನಗರ, ಬೆಂಗಳೂರು-560009	080-2221 2912	ಬೆಂಗಳೂರು ನಗರ ಜಿಲ್ಲೆ (ಬಿ.ಬಿ.ಎಂ.ಪಿ ವ್ಯಾಪ್ತಿ ಹೊರತುಪಡಿಸಿ)
102	ಸಹಾಯಕ ಮತದಾರರ ನೋಂದಣಾಧಿಕಾರಿಗಳು	ಪ್ರಶಾಂತ್ ಎಸ್. ಪಾಟೀಲ್	ತಹಶೀಲ್ದಾರ್	ತಹಶೀಲ್ದಾರ್ ಕಛೇರಿ, ಬೆಂಗಳೂರು ಉತ್ತರ ತಾಲ್ಲೂಕು, ಬೆಂಗಳೂರು-560009	080-22200056 72597 05464	50-ಯಲಹಂಕ
103	ಸಹಾಯಕ ಮತದಾರರ ನೋಂದಣಾಧಿಕಾರಿಗಳು	ಅಜಿತ್ ಕುಮಾರ್ ರೈ	ತಹಶೀಲ್ದಾರ್, ಯಲಹಂಕ ತಾಲ್ಲೂಕು	ತಹಶೀಲ್ದಾರ್ ಕಛೇರಿ, ಯಲಹಂಕ ತಾಲ್ಲೂಕು, ಬೆಂಗಳೂರು-560064	080-28560696 9845119689	50-ಯಲಹಂಕ, 152-ಬ್ಯಾಟರಾಯನಪುರ
